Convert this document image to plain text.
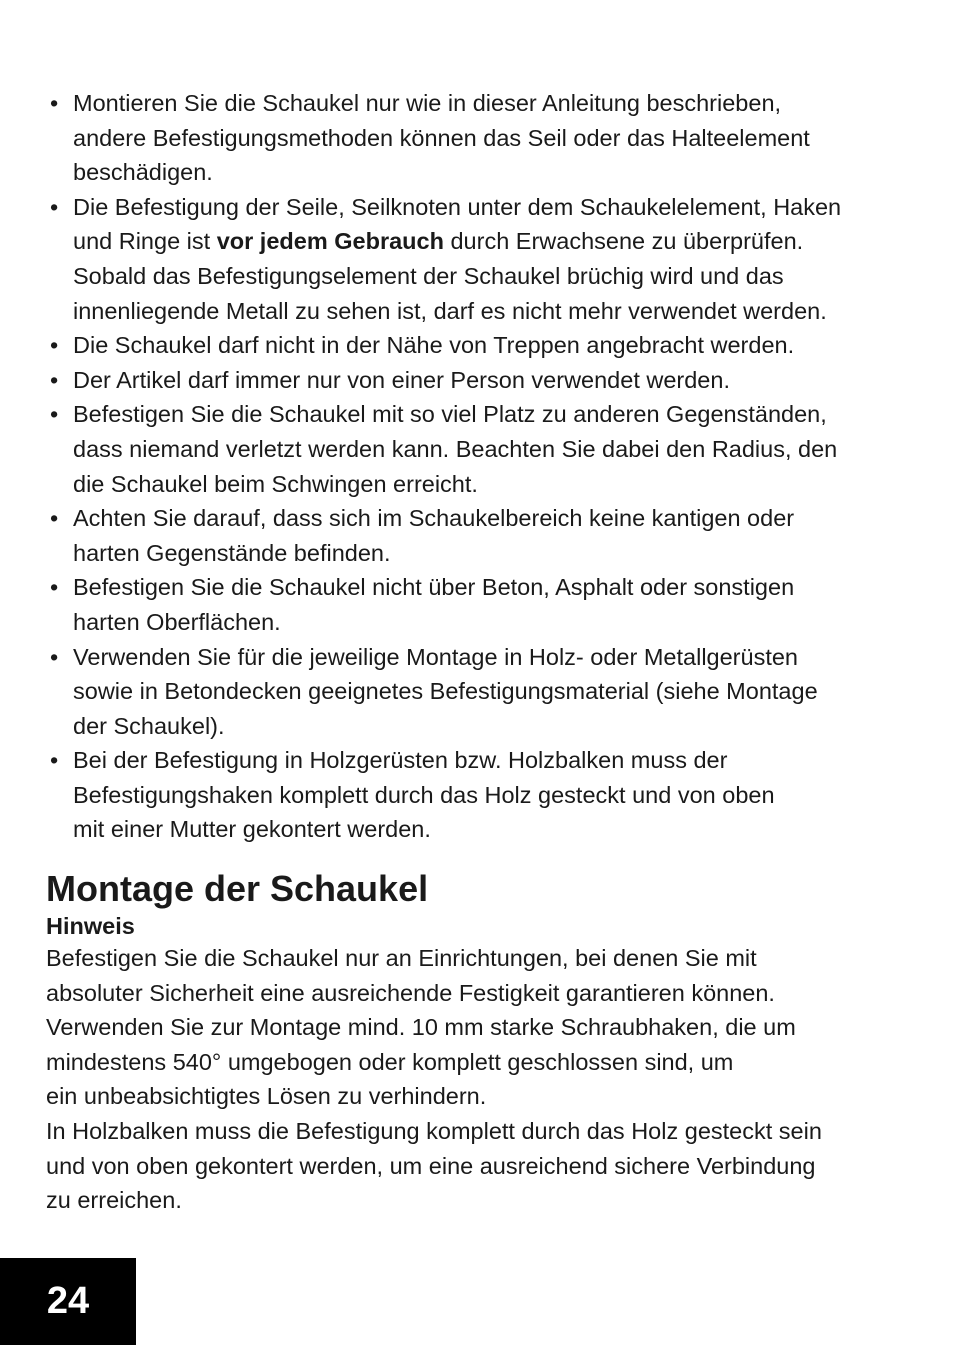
• Montieren Sie die Schaukel nur wie in dieser Anleitung beschrieben,
andere Befestigungsmethoden können das Seil oder das Halteelement
beschädigen.
• Die Befestigung der Seile, Seilknoten unter dem Schaukelelement, Haken
und Ringe ist vor jedem Gebrauch durch Erwachsene zu überprüfen.
Sobald das Befestigungselement der Schaukel brüchig wird und das
innenliegende Metall zu sehen ist, darf es nicht mehr verwendet werden.
• Die Schaukel darf nicht in der Nähe von Treppen angebracht werden.
• Der Artikel darf immer nur von einer Person verwendet werden.
• Befestigen Sie die Schaukel mit so viel Platz zu anderen Gegenständen,
dass niemand verletzt werden kann. Beachten Sie dabei den Radius, den
die Schaukel beim Schwingen erreicht.
• Achten Sie darauf, dass sich im Schaukelbereich keine kantigen oder
harten Gegenstände befinden.
• Befestigen Sie die Schaukel nicht über Beton, Asphalt oder sonstigen
harten Oberflächen.
• Verwenden Sie für die jeweilige Montage in Holz- oder Metallgerüsten
sowie in Betondecken geeignetes Befestigungsmaterial (siehe Montage
der Schaukel).
• Bei der Befestigung in Holzgerüsten bzw. Holzbalken muss der
Befestigungshaken komplett durch das Holz gesteckt und von oben
mit einer Mutter gekontert werden.
Montage der Schaukel
Hinweis
Befestigen Sie die Schaukel nur an Einrichtungen, bei denen Sie mit
absoluter Sicherheit eine ausreichende Festigkeit garantieren können.
Verwenden Sie zur Montage mind. 10 mm starke Schraubhaken, die um
mindestens 540° umgebogen oder komplett geschlossen sind, um
ein unbeabsichtigtes Lösen zu verhindern.
In Holzbalken muss die Befestigung komplett durch das Holz gesteckt sein
und von oben gekontert werden, um eine ausreichend sichere Verbindung
zu erreichen.
24
